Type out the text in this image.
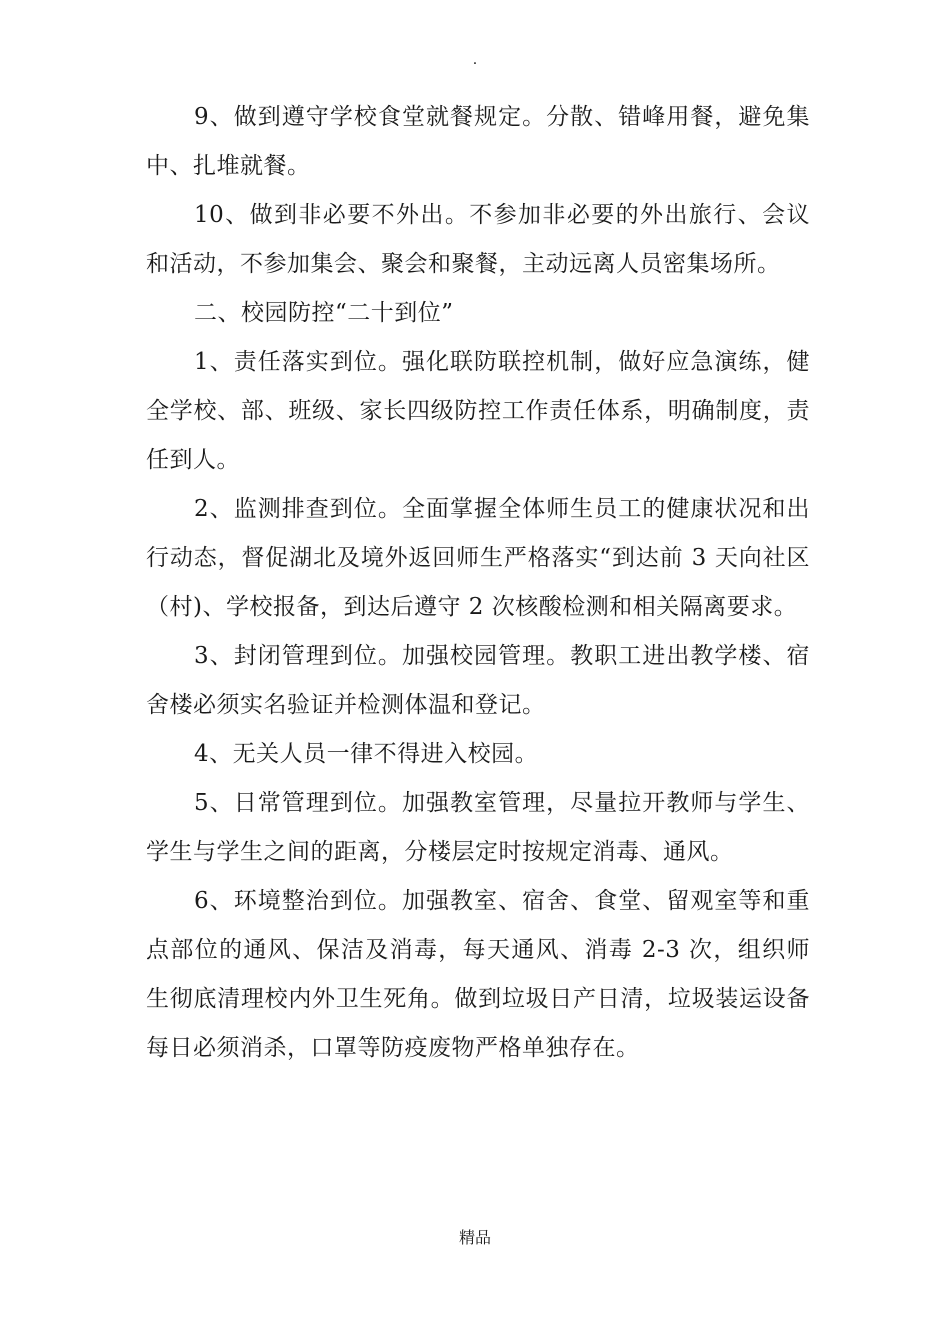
.

9、做到遵守学校食堂就餐规定。分散、错峰用餐，避免集中、扎堆就餐。

10、做到非必要不外出。不参加非必要的外出旅行、会议和活动，不参加集会、聚会和聚餐，主动远离人员密集场所。

二、校园防控“二十到位”

1、责任落实到位。强化联防联控机制，做好应急演练，健全学校、部、班级、家长四级防控工作责任体系，明确制度，责任到人。

2、监测排查到位。全面掌握全体师生员工的健康状况和出行动态，督促湖北及境外返回师生严格落实“到达前 3 天向社区（村)、学校报备，到达后遵守 2 次核酸检测和相关隔离要求。

3、封闭管理到位。加强校园管理。教职工进出教学楼、宿舍楼必须实名验证并检测体温和登记。

4、无关人员一律不得进入校园。

5、日常管理到位。加强教室管理，尽量拉开教师与学生、学生与学生之间的距离，分楼层定时按规定消毒、通风。

6、环境整治到位。加强教室、宿舍、食堂、留观室等和重点部位的通风、保洁及消毒，每天通风、消毒 2-3 次，组织师生彻底清理校内外卫生死角。做到垃圾日产日清，垃圾装运设备每日必须消杀，口罩等防疫废物严格单独存在。

精品
